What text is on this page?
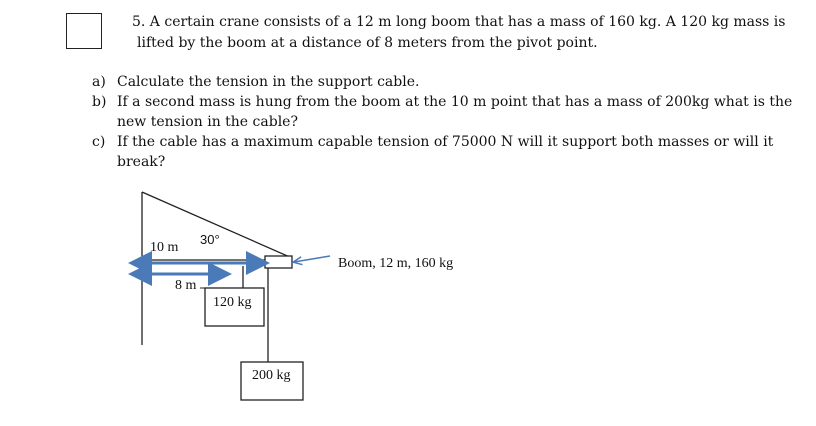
5. A certain crane consists of a 12 m long boom that has a mass of 160 kg. A 120 kg mass is
lifted by the boom at a distance of 8 meters from the pivot point.
a) Calculate the tension in the support cable.
b) If a second mass is hung from the boom at the 10 m point that has a mass of 200kg what is the new tension in the cable?
c) If the cable has a maximum capable tension of 75000 N will it support both masses or will it break?
10 m
30°
8 m
120 kg
200 kg
Boom, 12 m, 160 kg
